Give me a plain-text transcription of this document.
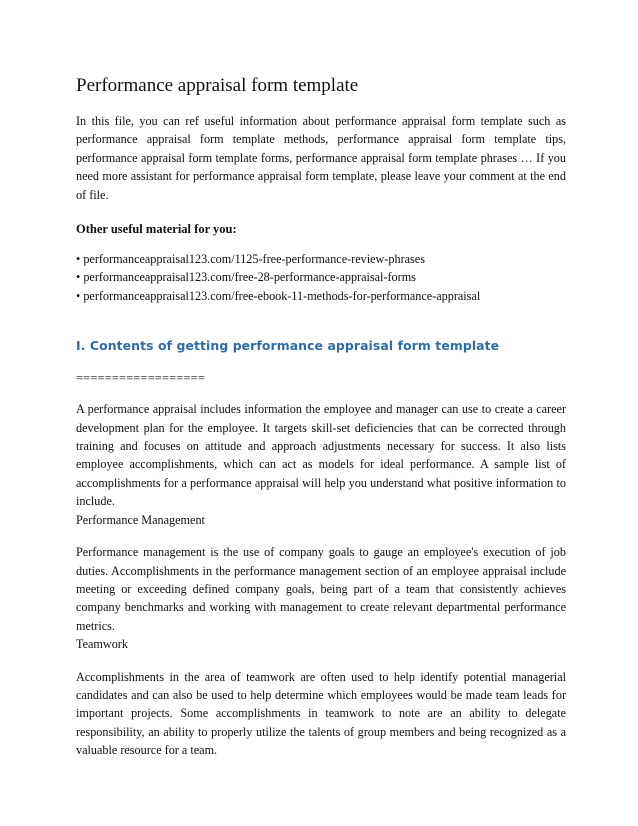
Performance appraisal form template

In this file, you can ref useful information about performance appraisal form template such as performance appraisal form template methods, performance appraisal form template tips, performance appraisal form template forms, performance appraisal form template phrases … If you need more assistant for performance appraisal form template, please leave your comment at the end of file.

Other useful material for you:
• performanceappraisal123.com/1125-free-performance-review-phrases
• performanceappraisal123.com/free-28-performance-appraisal-forms
• performanceappraisal123.com/free-ebook-11-methods-for-performance-appraisal
I. Contents of getting performance appraisal form template
==================

A performance appraisal includes information the employee and manager can use to create a career development plan for the employee. It targets skill-set deficiencies that can be corrected through training and focuses on attitude and approach adjustments necessary for success. It also lists employee accomplishments, which can act as models for ideal performance. A sample list of accomplishments for a performance appraisal will help you understand what positive information to include.

Performance Management

Performance management is the use of company goals to gauge an employee's execution of job duties. Accomplishments in the performance management section of an employee appraisal include meeting or exceeding defined company goals, being part of a team that consistently achieves company benchmarks and working with management to create relevant departmental performance metrics.

Teamwork

Accomplishments in the area of teamwork are often used to help identify potential managerial candidates and can also be used to help determine which employees would be made team leads for important projects. Some accomplishments in teamwork to note are an ability to delegate responsibility, an ability to properly utilize the talents of group members and being recognized as a valuable resource for a team.
